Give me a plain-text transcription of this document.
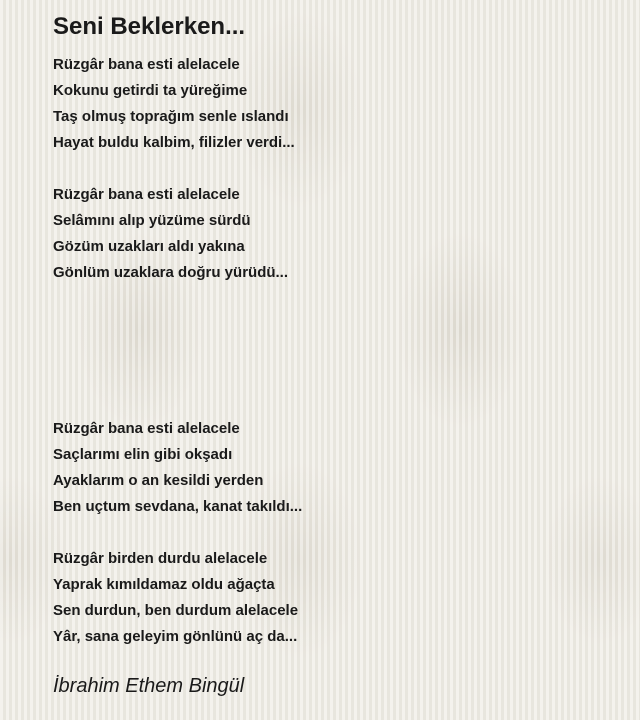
Seni Beklerken...
Rüzgâr bana esti alelacele
Kokunu getirdi ta yüreğime
Taş olmuş toprağım senle ıslandı
Hayat buldu kalbim, filizler verdi...
Rüzgâr bana esti alelacele
Selâmını alıp yüzüme sürdü
Gözüm uzakları aldı yakına
Gönlüm uzaklara doğru yürüdü...
Rüzgâr bana esti alelacele
Saçlarımı elin gibi okşadı
Ayaklarım o an kesildi yerden
Ben uçtum sevdana, kanat takıldı...
Rüzgâr birden durdu alelacele
Yaprak kımıldamaz oldu ağaçta
Sen durdun, ben durdum alelacele
Yâr, sana geleyim gönlünü aç da...
İbrahim Ethem Bingül
